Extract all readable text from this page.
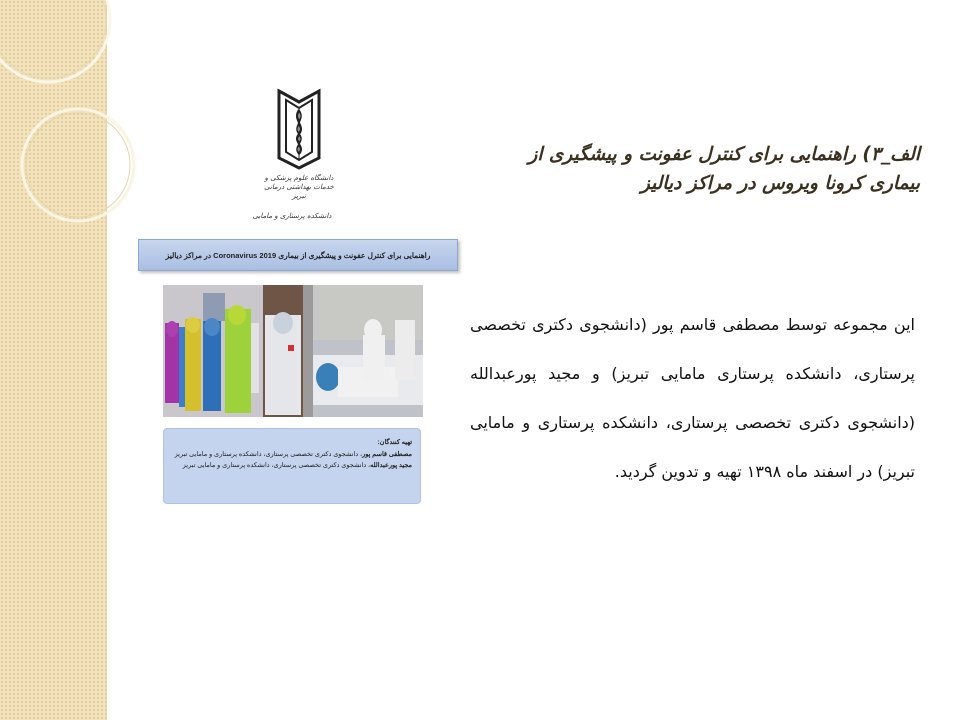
دانشگاه علوم پزشکی و خدمات بهداشتی درمانی تبریز
دانشکده پرستاری و مامایی
راهنمایی برای کنترل عفونت و پیشگیری از بیماری Coronavirus 2019 در مراکز دیالیز
تهیه کنندگان:
مصطفی قاسم پور، دانشجوی دکتری تخصصی پرستاری، دانشکده پرستاری و مامایی تبریز
مجید پورعبدالله، دانشجوی دکتری تخصصی پرستاری، دانشکده پرستاری و مامایی تبریز
الف_۳) راهنمایی برای کنترل عفونت و پیشگیری از بیماری کرونا ویروس در مراکز دیالیز
این مجموعه توسط مصطفی قاسم پور (دانشجوی دکتری تخصصی پرستاری، دانشکده پرستاری مامایی تبریز) و مجید پورعبدالله (دانشجوی دکتری تخصصی پرستاری، دانشکده پرستاری و مامایی تبریز) در اسفند ماه ۱۳۹۸ تهیه و تدوین گردید.
